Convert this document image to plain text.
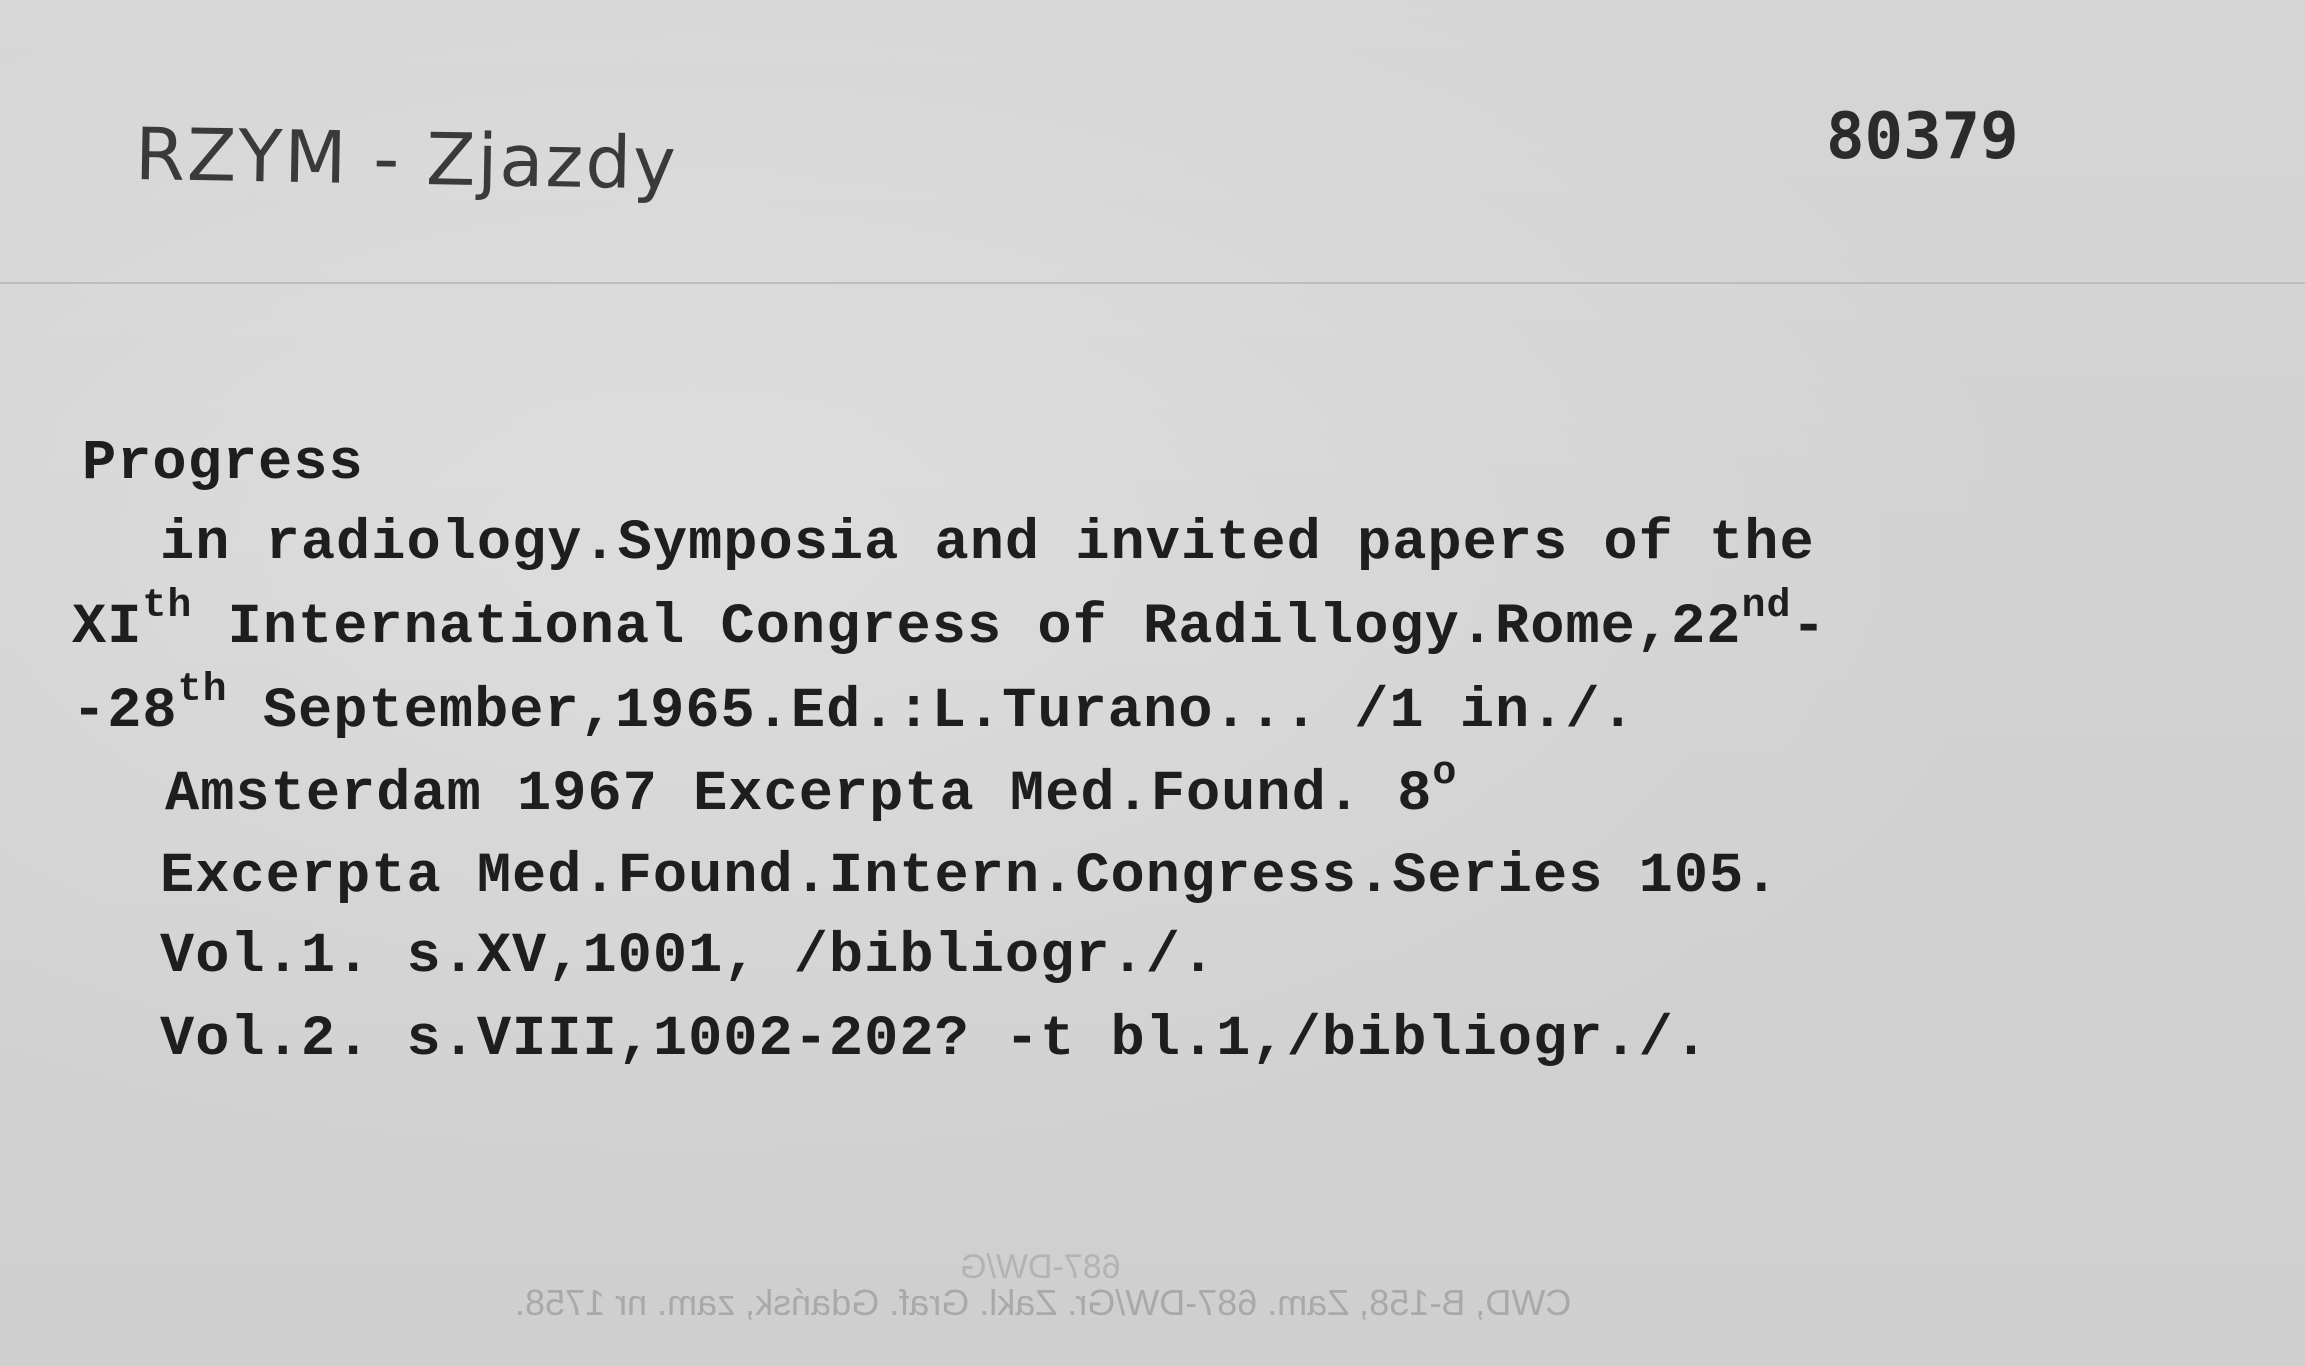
RZYM - Zjazdy	80379
Progress
in radiology.Symposia and invited papers of the
XIth International Congress of Radillogy.Rome,22nd-
-28th September,1965.Ed.:L.Turano... /1 in./.
Amsterdam 1967 Excerpta Med.Found. 8$^o$
Excerpta Med.Found.Intern.Congress.Series 105.
Vol.1. s.XV,1001, /bibliogr./.
Vol.2. s.VIII,1002-202? -t bl.1,/bibliogr./.
687-DW/G
CWD, B-158, Zam. 687-DW/Gr. Zakl. Graf. Gdańsk, zam. nr 1758.
